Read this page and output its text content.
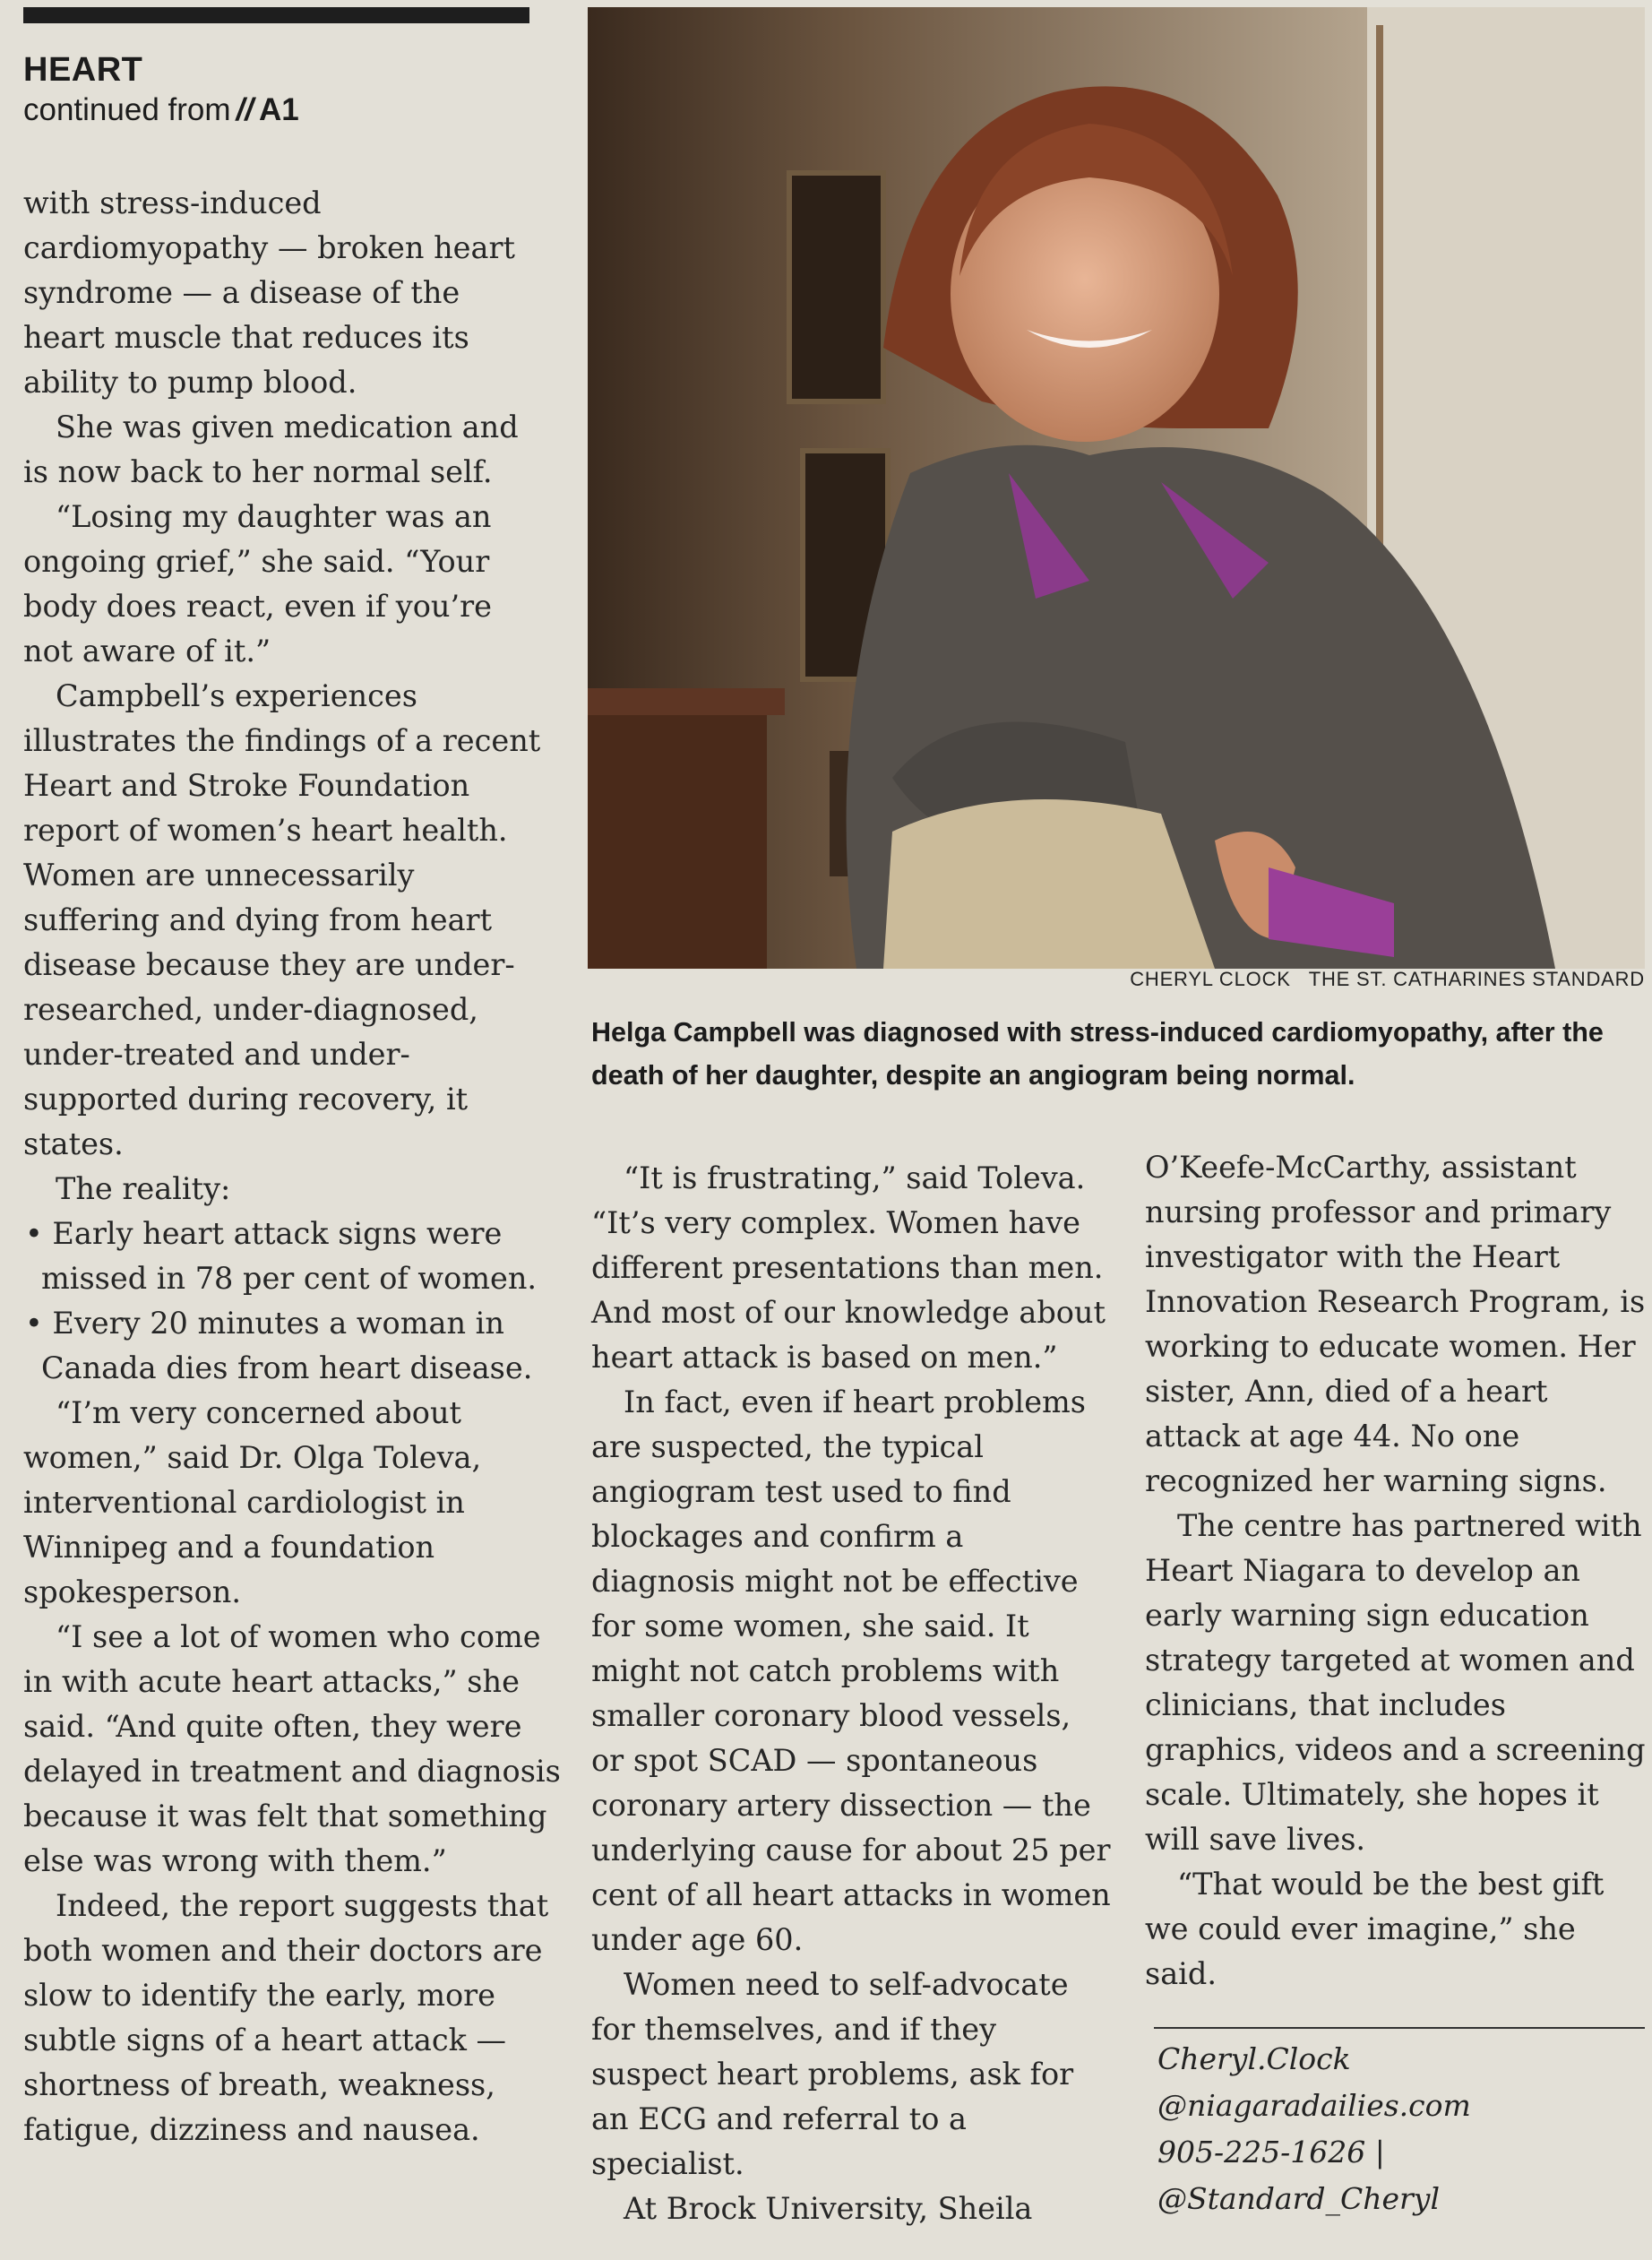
HEART
continued from // A1

with stress-induced cardiomyopathy — broken heart syndrome — a disease of the heart muscle that reduces its ability to pump blood.

She was given medication and is now back to her normal self.

“Losing my daughter was an ongoing grief,” she said. “Your body does react, even if you’re not aware of it.”

Campbell’s experiences illustrates the findings of a recent Heart and Stroke Foundation report of women’s heart health. Women are unnecessarily suffering and dying from heart disease because they are under-researched, under-diagnosed, under-treated and under-supported during recovery, it states.

The reality:

• Early heart attack signs were missed in 78 per cent of women.

• Every 20 minutes a woman in Canada dies from heart disease.

“I’m very concerned about women,” said Dr. Olga Toleva, interventional cardiologist in Winnipeg and a foundation spokesperson.

“I see a lot of women who come in with acute heart attacks,” she said. “And quite often, they were delayed in treatment and diagnosis because it was felt that something else was wrong with them.”

Indeed, the report suggests that both women and their doctors are slow to identify the early, more subtle signs of a heart attack — shortness of breath, weakness, fatigue, dizziness and nausea.

CHERYL CLOCK THE ST. CATHARINES STANDARD
Helga Campbell was diagnosed with stress-induced cardiomyopathy, after the death of her daughter, despite an angiogram being normal.

“It is frustrating,” said Toleva. “It’s very complex. Women have different presentations than men. And most of our knowledge about heart attack is based on men.”

In fact, even if heart problems are suspected, the typical angiogram test used to find blockages and confirm a diagnosis might not be effective for some women, she said. It might not catch problems with smaller coronary blood vessels, or spot SCAD — spontaneous coronary artery dissection — the underlying cause for about 25 per cent of all heart attacks in women under age 60.

Women need to self-advocate for themselves, and if they suspect heart problems, ask for an ECG and referral to a specialist.

At Brock University, Sheila

O’Keefe-McCarthy, assistant nursing professor and primary investigator with the Heart Innovation Research Program, is working to educate women. Her sister, Ann, died of a heart attack at age 44. No one recognized her warning signs.

The centre has partnered with Heart Niagara to develop an early warning sign education strategy targeted at women and clinicians, that includes graphics, videos and a screening scale. Ultimately, she hopes it will save lives.

“That would be the best gift we could ever imagine,” she said.

Cheryl.Clock
@niagaradailies.com
905-225-1626 |
@Standard_Cheryl
